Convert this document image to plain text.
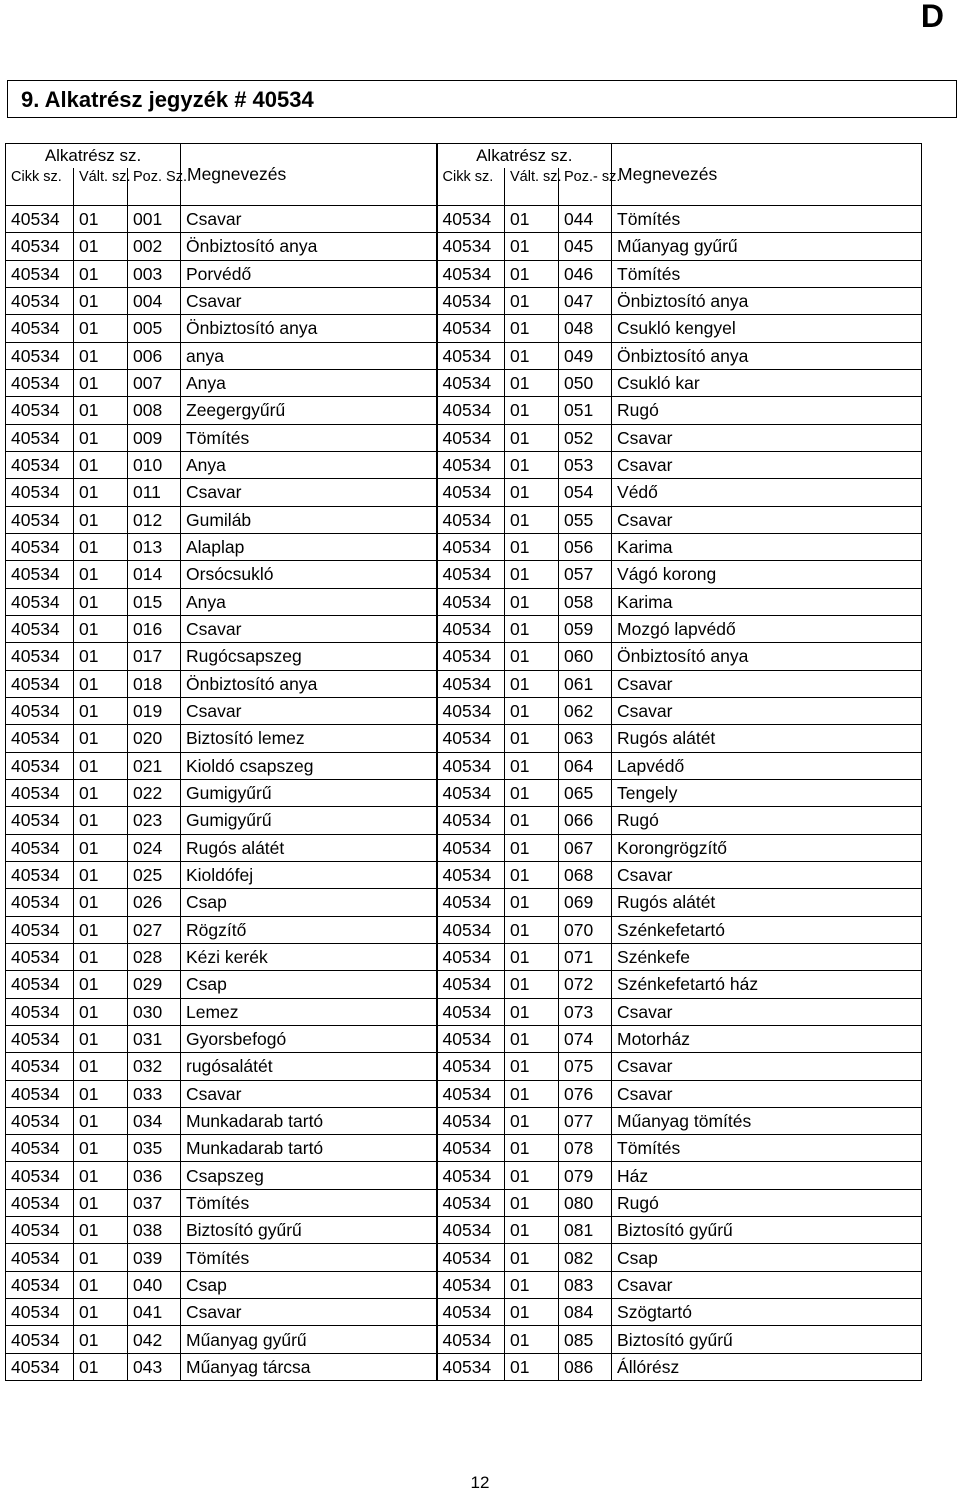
D
9. Alkatrész jegyzék # 40534
Alkatrész sz.			Megnevezés	Alkatrész sz.			Megnevezés
Cikk sz.	Vált. sz.	Poz. Sz..		Cikk sz.	Vált. sz.	Poz.- sz.	
40534	01	001	Csavar	40534	01	044	Tömítés
40534	01	002	Önbiztosító anya	40534	01	045	Műanyag gyűrű
40534	01	003	Porvédő	40534	01	046	Tömítés
40534	01	004	Csavar	40534	01	047	Önbiztosító anya
40534	01	005	Önbiztosító anya	40534	01	048	Csukló kengyel
40534	01	006	anya	40534	01	049	Önbiztosító anya
40534	01	007	Anya	40534	01	050	Csukló kar
40534	01	008	Zeegergyűrű	40534	01	051	Rugó
40534	01	009	Tömítés	40534	01	052	Csavar
40534	01	010	Anya	40534	01	053	Csavar
40534	01	011	Csavar	40534	01	054	Védő
40534	01	012	Gumiláb	40534	01	055	Csavar
40534	01	013	Alaplap	40534	01	056	Karima
40534	01	014	Orsócsukló	40534	01	057	Vágó korong
40534	01	015	Anya	40534	01	058	Karima
40534	01	016	Csavar	40534	01	059	Mozgó lapvédő
40534	01	017	Rugócsapszeg	40534	01	060	Önbiztosító anya
40534	01	018	Önbiztosító anya	40534	01	061	Csavar
40534	01	019	Csavar	40534	01	062	Csavar
40534	01	020	Biztosító lemez	40534	01	063	Rugós alátét
40534	01	021	Kioldó csapszeg	40534	01	064	Lapvédő
40534	01	022	Gumigyűrű	40534	01	065	Tengely
40534	01	023	Gumigyűrű	40534	01	066	Rugó
40534	01	024	Rugós alátét	40534	01	067	Korongrögzítő
40534	01	025	Kioldófej	40534	01	068	Csavar
40534	01	026	Csap	40534	01	069	Rugós alátét
40534	01	027	Rögzítő	40534	01	070	Szénkefetartó
40534	01	028	Kézi kerék	40534	01	071	Szénkefe
40534	01	029	Csap	40534	01	072	Szénkefetartó ház
40534	01	030	Lemez	40534	01	073	Csavar
40534	01	031	Gyorsbefogó	40534	01	074	Motorház
40534	01	032	rugósalátét	40534	01	075	Csavar
40534	01	033	Csavar	40534	01	076	Csavar
40534	01	034	Munkadarab tartó	40534	01	077	Műanyag tömítés
40534	01	035	Munkadarab tartó	40534	01	078	Tömítés
40534	01	036	Csapszeg	40534	01	079	Ház
40534	01	037	Tömítés	40534	01	080	Rugó
40534	01	038	Biztosító gyűrű	40534	01	081	Biztosító gyűrű
40534	01	039	Tömítés	40534	01	082	Csap
40534	01	040	Csap	40534	01	083	Csavar
40534	01	041	Csavar	40534	01	084	Szögtartó
40534	01	042	Műanyag gyűrű	40534	01	085	Biztosító gyűrű
40534	01	043	Műanyag tárcsa	40534	01	086	Állórész
12
